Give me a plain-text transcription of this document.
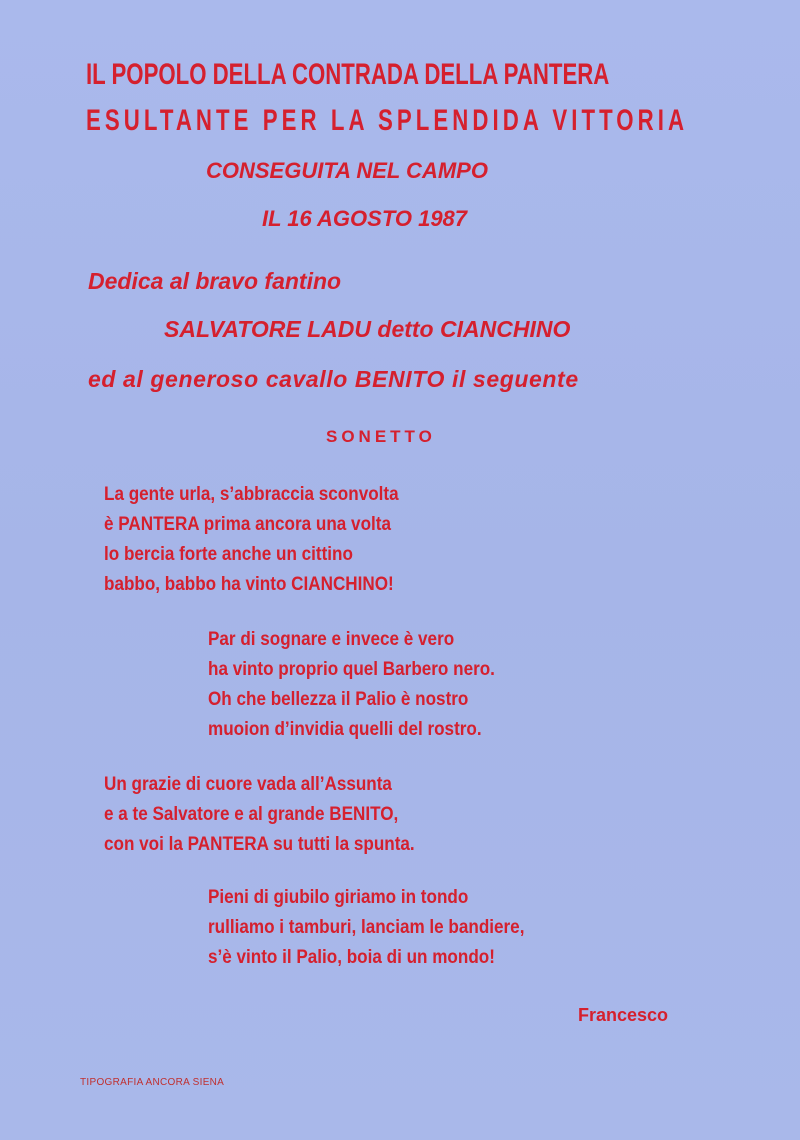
IL POPOLO DELLA CONTRADA DELLA PANTERA
ESULTANTE PER LA SPLENDIDA VITTORIA
CONSEGUITA NEL CAMPO
IL 16 AGOSTO 1987
Dedica al bravo fantino
SALVATORE LADU detto CIANCHINO
ed al generoso cavallo BENITO il seguente
SONETTO
La gente urla, s’abbraccia sconvolta
è PANTERA prima ancora una volta
lo bercia forte anche un cittino
babbo, babbo ha vinto CIANCHINO!
Par di sognare e invece è vero
ha vinto proprio quel Barbero nero.
Oh che bellezza il Palio è nostro
muoion d’invidia quelli del rostro.
Un grazie di cuore vada all’Assunta
e a te Salvatore e al grande BENITO,
con voi la PANTERA su tutti la spunta.
Pieni di giubilo giriamo in tondo
rulliamo i tamburi, lanciam le bandiere,
s’è vinto il Palio, boia di un mondo!
Francesco
TIPOGRAFIA ANCORA SIENA
